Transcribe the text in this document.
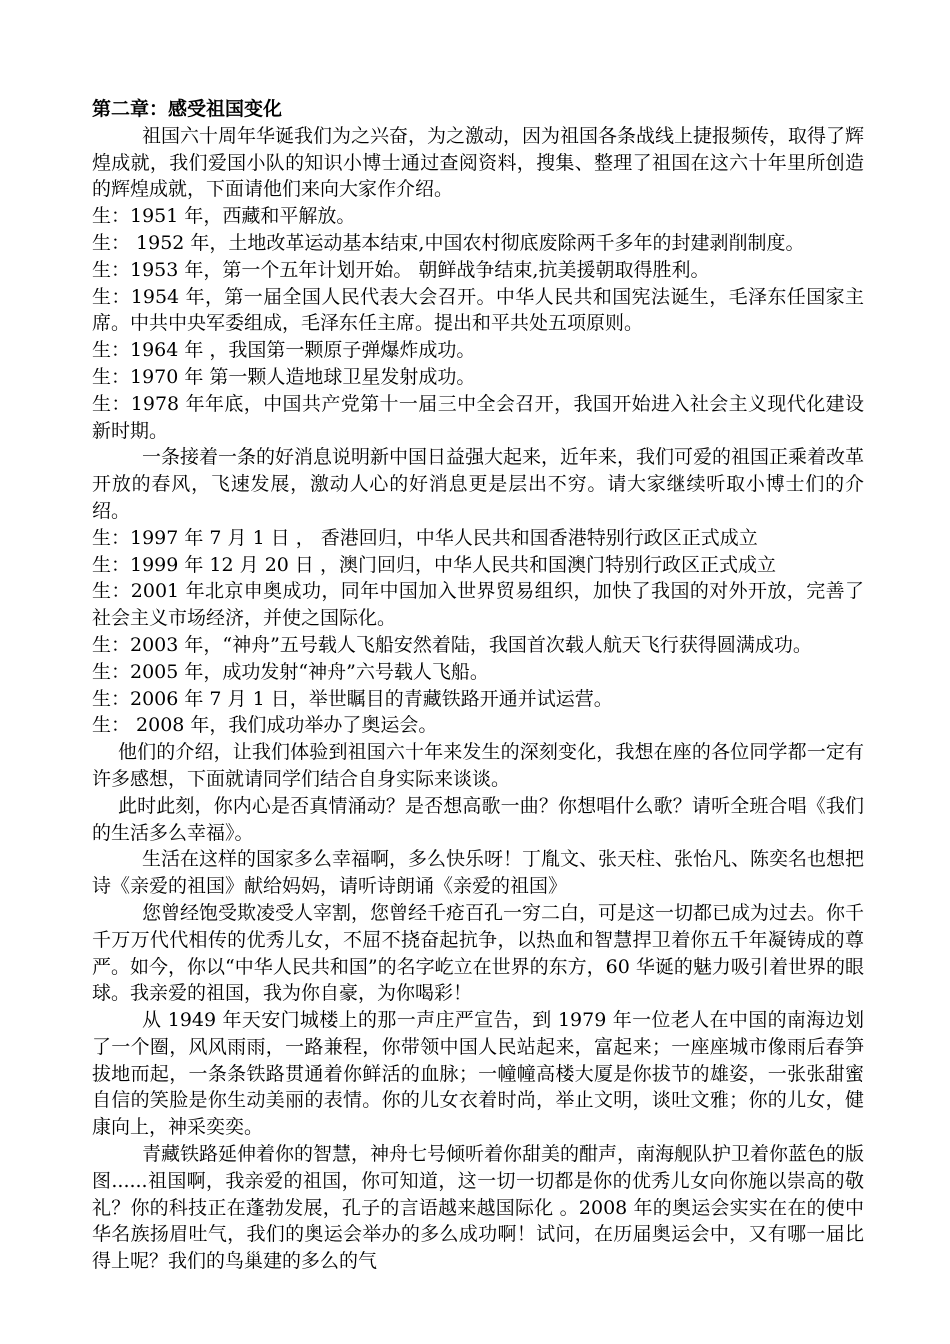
第二章：感受祖国变化

祖国六十周年华诞我们为之兴奋，为之激动，因为祖国各条战线上捷报频传，取得了辉煌成就，我们爱国小队的知识小博士通过查阅资料，搜集、整理了祖国在这六十年里所创造的辉煌成就，下面请他们来向大家作介绍。

生：1951 年，西藏和平解放。

生： 1952 年，土地改革运动基本结束,中国农村彻底废除两千多年的封建剥削制度。

生：1953 年，第一个五年计划开始。 朝鲜战争结束,抗美援朝取得胜利。

生：1954 年，第一届全国人民代表大会召开。中华人民共和国宪法诞生，毛泽东任国家主席。中共中央军委组成，毛泽东任主席。提出和平共处五项原则。

生：1964 年 ，我国第一颗原子弹爆炸成功。

生：1970 年 第一颗人造地球卫星发射成功。

生：1978 年年底，中国共产党第十一届三中全会召开，我国开始进入社会主义现代化建设新时期。

一条接着一条的好消息说明新中国日益强大起来，近年来，我们可爱的祖国正乘着改革开放的春风，飞速发展，激动人心的好消息更是层出不穷。请大家继续听取小博士们的介绍。

生：1997 年 7 月 1 日 ， 香港回归，中华人民共和国香港特别行政区正式成立

生：1999 年 12 月 20 日 ，澳门回归，中华人民共和国澳门特别行政区正式成立

生：2001 年北京申奥成功，同年中国加入世界贸易组织，加快了我国的对外开放，完善了社会主义市场经济，并使之国际化。

生：2003 年，“神舟”五号载人飞船安然着陆，我国首次载人航天飞行获得圆满成功。

生：2005 年，成功发射“神舟”六号载人飞船。

生：2006 年 7 月 1 日，举世瞩目的青藏铁路开通并试运营。

生： 2008 年，我们成功举办了奥运会。

他们的介绍，让我们体验到祖国六十年来发生的深刻变化，我想在座的各位同学都一定有许多感想，下面就请同学们结合自身实际来谈谈。

此时此刻，你内心是否真情涌动？是否想高歌一曲？你想唱什么歌？请听全班合唱《我们的生活多么幸福》。

生活在这样的国家多么幸福啊，多么快乐呀！丁胤文、张天柱、张怡凡、陈奕名也想把诗《亲爱的祖国》献给妈妈，请听诗朗诵《亲爱的祖国》

您曾经饱受欺凌受人宰割，您曾经千疮百孔一穷二白，可是这一切都已成为过去。你千千万万代代相传的优秀儿女，不屈不挠奋起抗争，以热血和智慧捍卫着你五千年凝铸成的尊严。如今，你以“中华人民共和国”的名字屹立在世界的东方，60 华诞的魅力吸引着世界的眼球。我亲爱的祖国，我为你自豪，为你喝彩！

从 1949 年天安门城楼上的那一声庄严宣告，到 1979 年一位老人在中国的南海边划了一个圈，风风雨雨，一路兼程，你带领中国人民站起来，富起来；一座座城市像雨后春笋拔地而起，一条条铁路贯通着你鲜活的血脉；一幢幢高楼大厦是你拔节的雄姿，一张张甜蜜自信的笑脸是你生动美丽的表情。你的儿女衣着时尚，举止文明，谈吐文雅；你的儿女，健康向上，神采奕奕。

青藏铁路延伸着你的智慧，神舟七号倾听着你甜美的酣声，南海舰队护卫着你蓝色的版图......祖国啊，我亲爱的祖国，你可知道，这一切一切都是你的优秀儿女向你施以崇高的敬礼？你的科技正在蓬勃发展，孔子的言语越来越国际化 。2008 年的奥运会实实在在的使中华名族扬眉吐气，我们的奥运会举办的多么成功啊！试问，在历届奥运会中，又有哪一届比得上呢？我们的鸟巢建的多么的气
